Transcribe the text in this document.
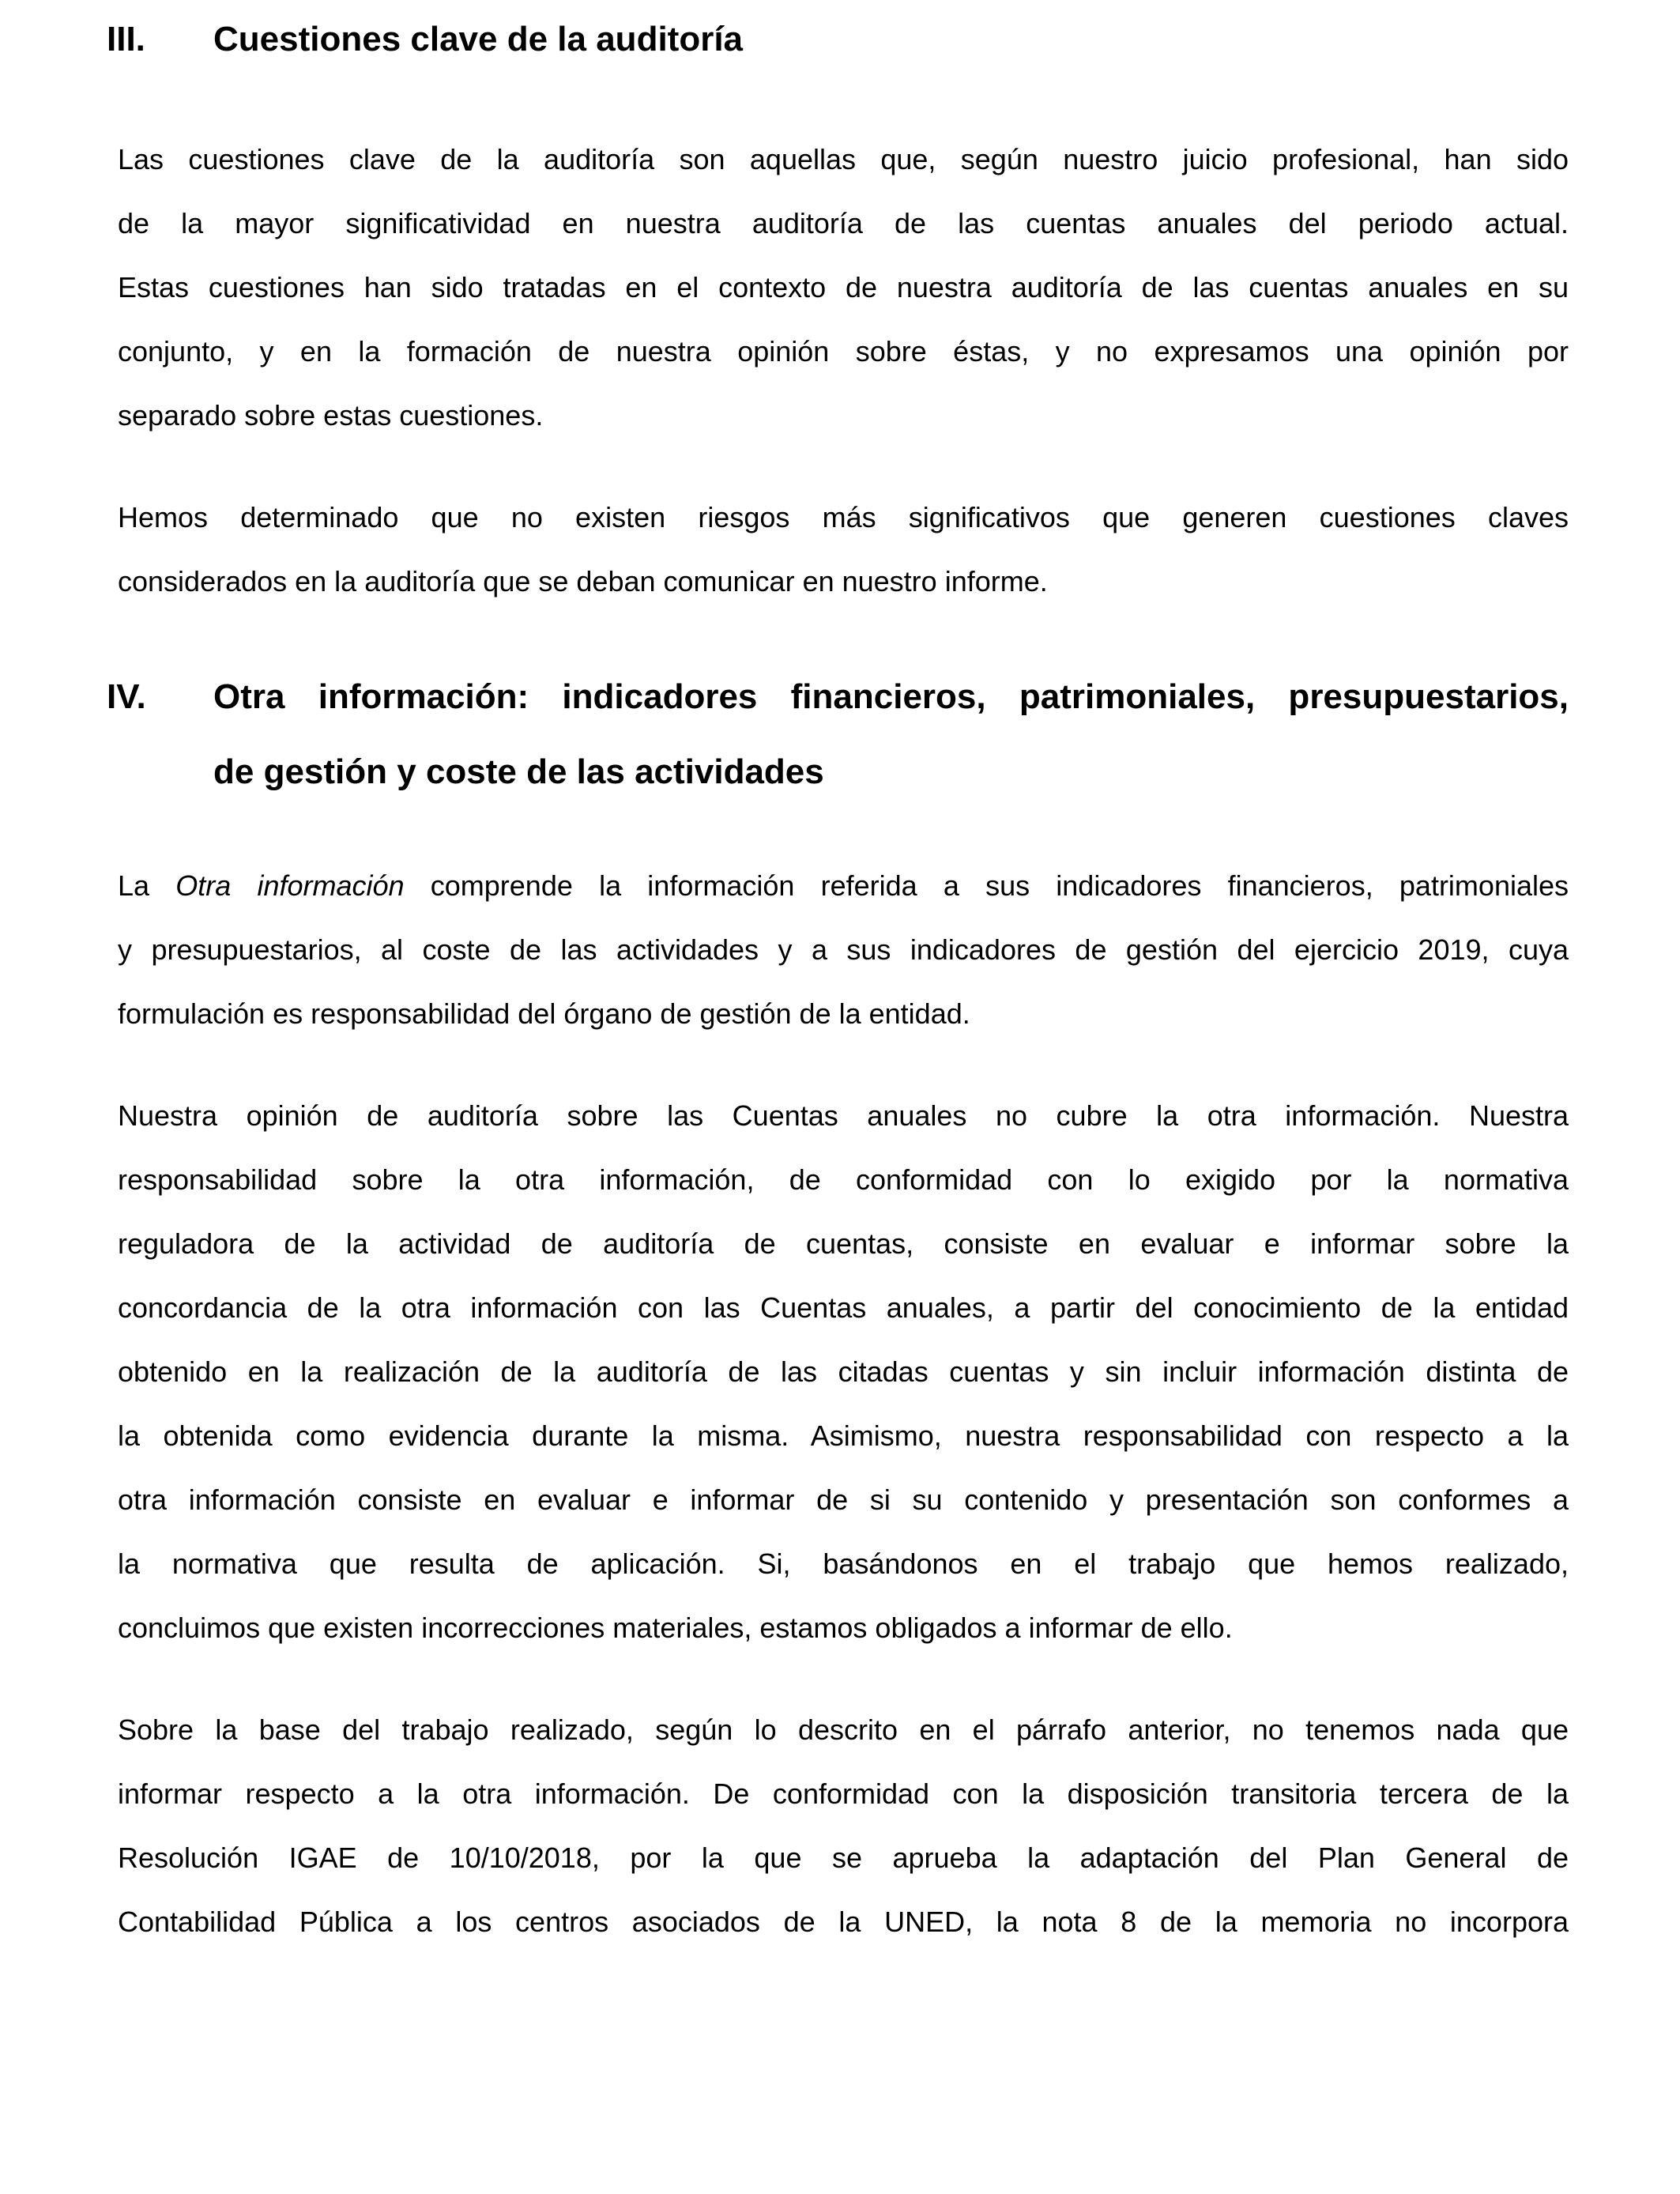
III.	Cuestiones clave de la auditoría
Las cuestiones clave de la auditoría son aquellas que, según nuestro juicio profesional, han sido
de la mayor significatividad en nuestra auditoría de las cuentas anuales del periodo actual.
Estas cuestiones han sido tratadas en el contexto de nuestra auditoría de las cuentas anuales en su
conjunto, y en la formación de nuestra opinión sobre éstas, y no expresamos una opinión por
separado sobre estas cuestiones.
Hemos determinado que no existen riesgos más significativos que generen cuestiones claves
considerados en la auditoría que se deban comunicar en nuestro informe.
IV.	Otra información: indicadores financieros, patrimoniales, presupuestarios,
de gestión y coste de las actividades
La Otra información comprende la información referida a sus indicadores financieros, patrimoniales
y presupuestarios, al coste de las actividades y a sus indicadores de gestión del ejercicio 2019, cuya
formulación es responsabilidad del órgano de gestión de la entidad.
Nuestra opinión de auditoría sobre las Cuentas anuales no cubre la otra información. Nuestra
responsabilidad sobre la otra información, de conformidad con lo exigido por la normativa
reguladora de la actividad de auditoría de cuentas, consiste en evaluar e informar sobre la
concordancia de la otra información con las Cuentas anuales, a partir del conocimiento de la entidad
obtenido en la realización de la auditoría de las citadas cuentas y sin incluir información distinta de
la obtenida como evidencia durante la misma. Asimismo, nuestra responsabilidad con respecto a la
otra información consiste en evaluar e informar de si su contenido y presentación son conformes a
la normativa que resulta de aplicación. Si, basándonos en el trabajo que hemos realizado,
concluimos que existen incorrecciones materiales, estamos obligados a informar de ello.
Sobre la base del trabajo realizado, según lo descrito en el párrafo anterior, no tenemos nada que
informar respecto a la otra información. De conformidad con la disposición transitoria tercera de la
Resolución IGAE de 10/10/2018, por la que se aprueba la adaptación del Plan General de
Contabilidad Pública a los centros asociados de la UNED, la nota 8 de la memoria no incorpora
